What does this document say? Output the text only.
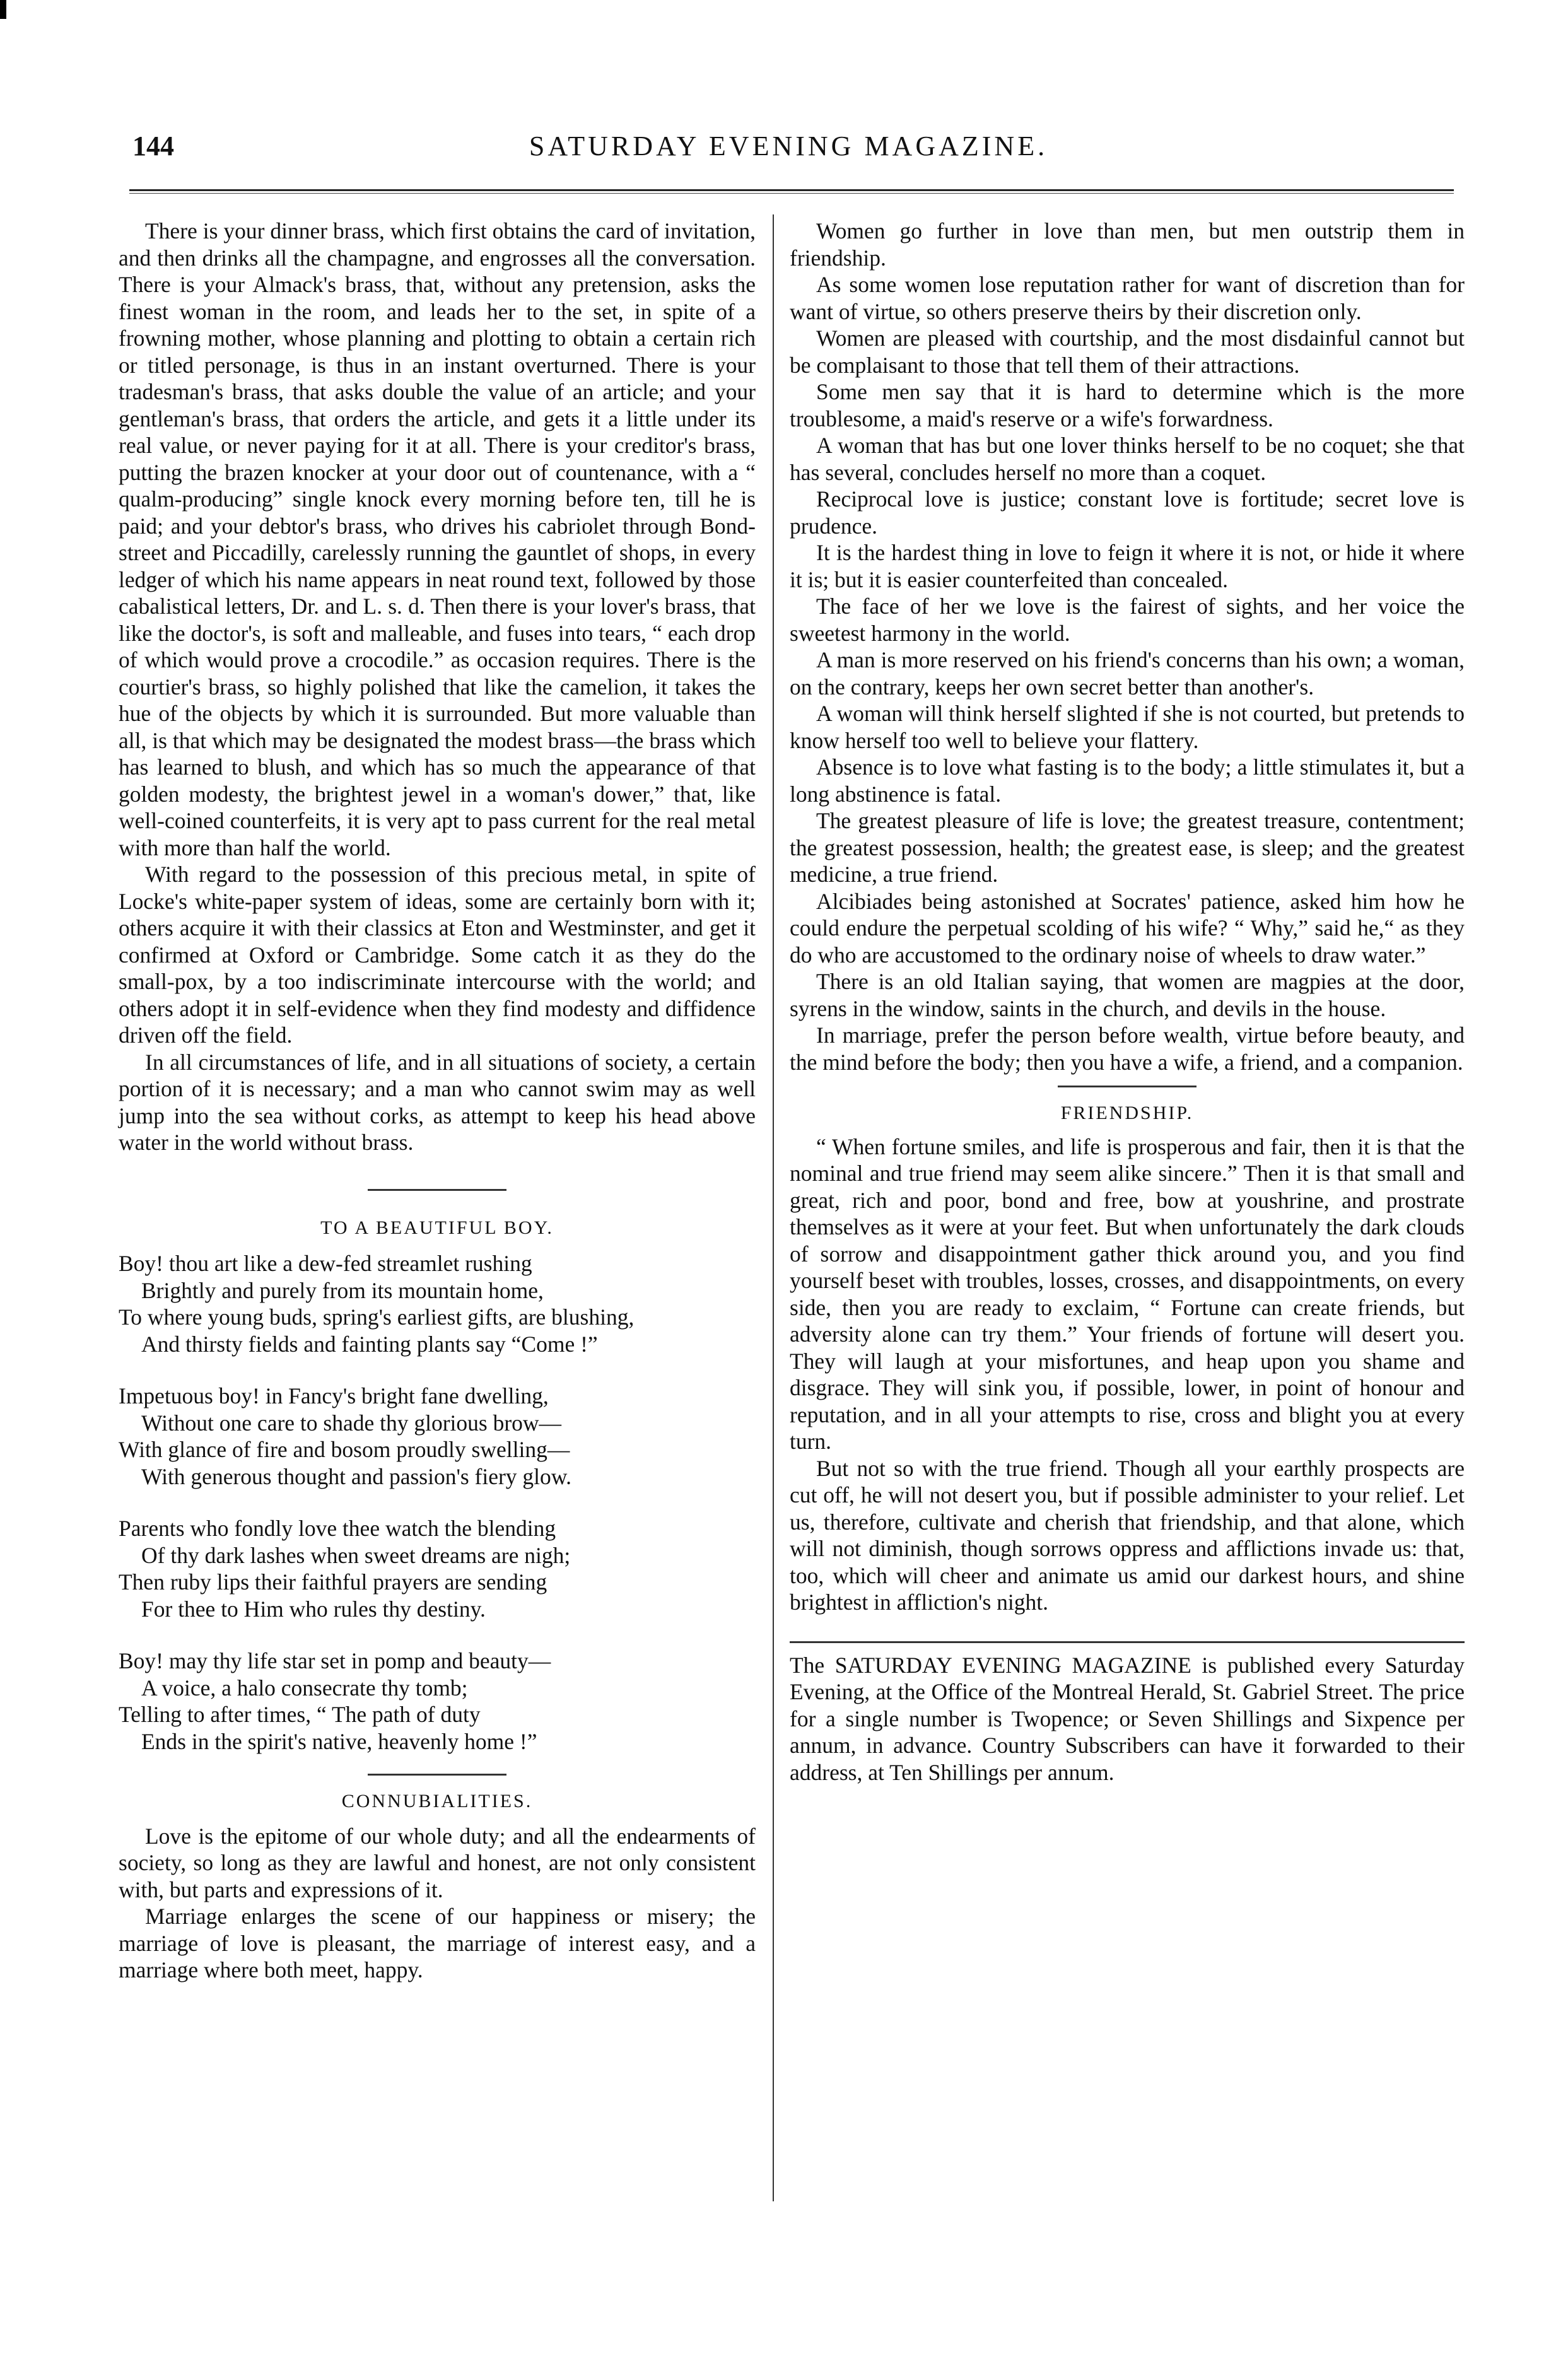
144	SATURDAY EVENING MAGAZINE.

There is your dinner brass, which first obtains the card of invitation, and then drinks all the champagne, and engrosses all the conversation. There is your Almack's brass, that, without any pretension, asks the finest woman in the room, and leads her to the set, in spite of a frowning mother, whose planning and plotting to obtain a certain rich or titled personage, is thus in an instant overturned. There is your tradesman's brass, that asks double the value of an article; and your gentleman's brass, that orders the article, and gets it a little under its real value, or never paying for it at all. There is your creditor's brass, putting the brazen knocker at your door out of countenance, with a “ qualm-producing” single knock every morning before ten, till he is paid; and your debtor's brass, who drives his cabriolet through Bond-street and Piccadilly, carelessly running the gauntlet of shops, in every ledger of which his name appears in neat round text, followed by those cabalistical letters, Dr. and L. s. d. Then there is your lover's brass, that like the doctor's, is soft and malleable, and fuses into tears, “ each drop of which would prove a crocodile.” as occasion requires. There is the courtier's brass, so highly polished that like the camelion, it takes the hue of the objects by which it is surrounded. But more valuable than all, is that which may be designated the modest brass—the brass which has learned to blush, and which has so much the appearance of that golden modesty, the brightest jewel in a woman's dower,” that, like well-coined counterfeits, it is very apt to pass current for the real metal with more than half the world.

With regard to the possession of this precious metal, in spite of Locke's white-paper system of ideas, some are certainly born with it; others acquire it with their classics at Eton and Westminster, and get it confirmed at Oxford or Cambridge. Some catch it as they do the small-pox, by a too indiscriminate intercourse with the world; and others adopt it in self-evidence when they find modesty and diffidence driven off the field.

In all circumstances of life, and in all situations of society, a certain portion of it is necessary; and a man who cannot swim may as well jump into the sea without corks, as attempt to keep his head above water in the world without brass.

TO A BEAUTIFUL BOY.

Boy! thou art like a dew-fed streamlet rushing
Brightly and purely from its mountain home,
To where young buds, spring's earliest gifts, are blushing,
And thirsty fields and fainting plants say “Come !”
Impetuous boy! in Fancy's bright fane dwelling,
Without one care to shade thy glorious brow—
With glance of fire and bosom proudly swelling—
With generous thought and passion's fiery glow.
Parents who fondly love thee watch the blending
Of thy dark lashes when sweet dreams are nigh;
Then ruby lips their faithful prayers are sending
For thee to Him who rules thy destiny.
Boy! may thy life star set in pomp and beauty—
A voice, a halo consecrate thy tomb;
Telling to after times, “ The path of duty
Ends in the spirit's native, heavenly home !”

CONNUBIALITIES.

Love is the epitome of our whole duty; and all the endearments of society, so long as they are lawful and honest, are not only consistent with, but parts and expressions of it.

Marriage enlarges the scene of our happiness or misery; the marriage of love is pleasant, the marriage of interest easy, and a marriage where both meet, happy.

Women go further in love than men, but men outstrip them in friendship.

As some women lose reputation rather for want of discretion than for want of virtue, so others preserve theirs by their discretion only.

Women are pleased with courtship, and the most disdainful cannot but be complaisant to those that tell them of their attractions.

Some men say that it is hard to determine which is the more troublesome, a maid's reserve or a wife's forwardness.

A woman that has but one lover thinks herself to be no coquet; she that has several, concludes herself no more than a coquet.

Reciprocal love is justice; constant love is fortitude; secret love is prudence.

It is the hardest thing in love to feign it where it is not, or hide it where it is; but it is easier counterfeited than concealed.

The face of her we love is the fairest of sights, and her voice the sweetest harmony in the world.

A man is more reserved on his friend's concerns than his own; a woman, on the contrary, keeps her own secret better than another's.

A woman will think herself slighted if she is not courted, but pretends to know herself too well to believe your flattery.

Absence is to love what fasting is to the body; a little stimulates it, but a long abstinence is fatal.

The greatest pleasure of life is love; the greatest treasure, contentment; the greatest possession, health; the greatest ease, is sleep; and the greatest medicine, a true friend.

Alcibiades being astonished at Socrates' patience, asked him how he could endure the perpetual scolding of his wife? “ Why,” said he,“ as they do who are accustomed to the ordinary noise of wheels to draw water.”

There is an old Italian saying, that women are magpies at the door, syrens in the window, saints in the church, and devils in the house.

In marriage, prefer the person before wealth, virtue before beauty, and the mind before the body; then you have a wife, a friend, and a companion.

FRIENDSHIP.

“ When fortune smiles, and life is prosperous and fair, then it is that the nominal and true friend may seem alike sincere.” Then it is that small and great, rich and poor, bond and free, bow at youshrine, and prostrate themselves as it were at your feet. But when unfortunately the dark clouds of sorrow and disappointment gather thick around you, and you find yourself beset with troubles, losses, crosses, and disappointments, on every side, then you are ready to exclaim, “ Fortune can create friends, but adversity alone can try them.” Your friends of fortune will desert you. They will laugh at your misfortunes, and heap upon you shame and disgrace. They will sink you, if possible, lower, in point of honour and reputation, and in all your attempts to rise, cross and blight you at every turn.

But not so with the true friend. Though all your earthly prospects are cut off, he will not desert you, but if possible administer to your relief. Let us, therefore, cultivate and cherish that friendship, and that alone, which will not diminish, though sorrows oppress and afflictions invade us: that, too, which will cheer and animate us amid our darkest hours, and shine brightest in affliction's night.

The SATURDAY EVENING MAGAZINE is published every Saturday Evening, at the Office of the Montreal Herald, St. Gabriel Street. The price for a single number is Twopence; or Seven Shillings and Sixpence per annum, in advance. Country Subscribers can have it forwarded to their address, at Ten Shillings per annum.
